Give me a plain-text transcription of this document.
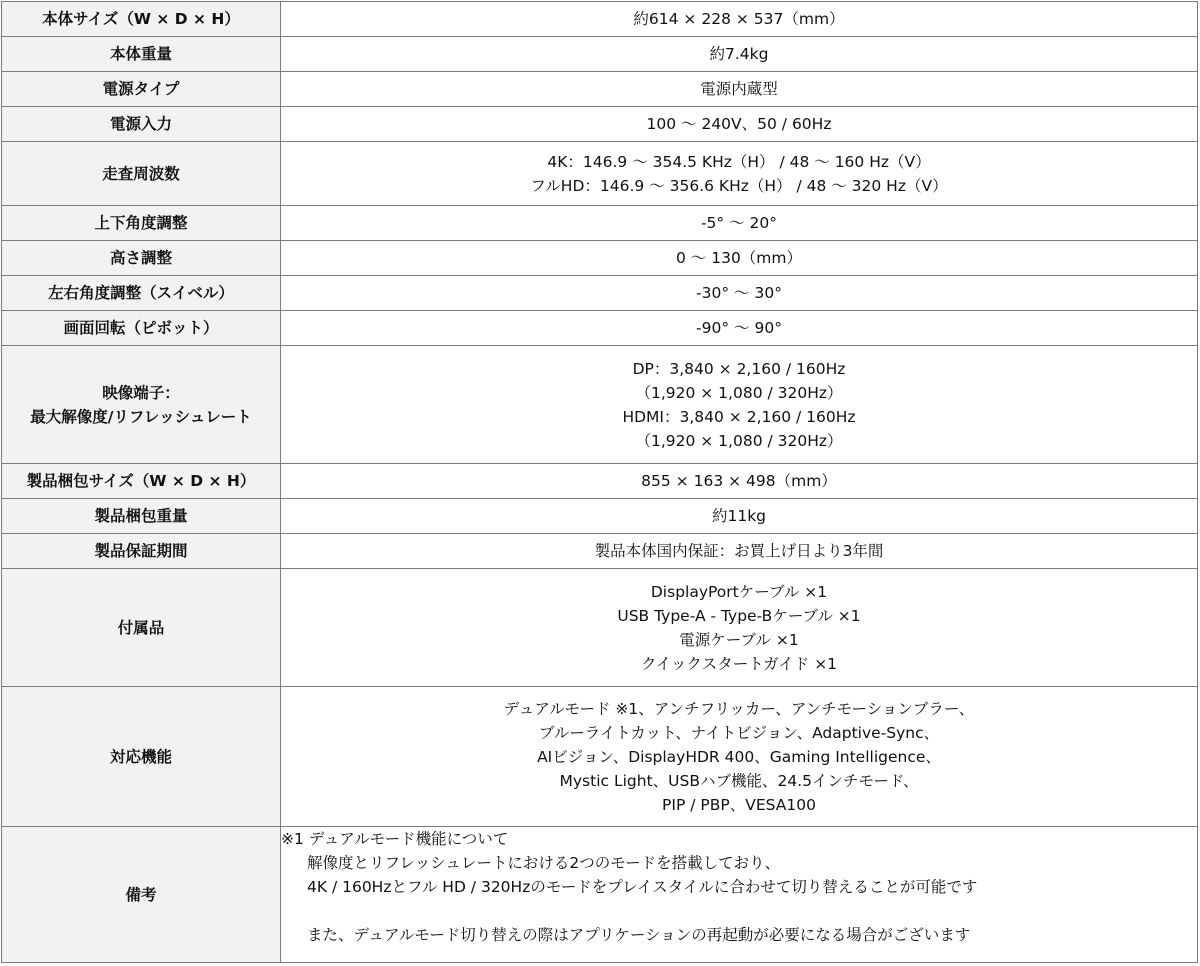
本体サイズ（W × D × H）	約614 × 228 × 537（mm）

本体重量	約7.4kg

電源タイプ	電源内蔵型

電源入力	100 ～ 240V、50 / 60Hz

走査周波数	4K：146.9 ～ 354.5 KHz（H） / 48 ～ 160 Hz（V）
フルHD：146.9 ～ 356.6 KHz（H） / 48 ～ 320 Hz（V）

上下角度調整	-5° ～ 20°

高さ調整	0 ～ 130（mm）

左右角度調整（スイベル）	-30° ～ 30°

画面回転（ピボット）	-90° ～ 90°

映像端子：
最大解像度/リフレッシュレート	DP：3,840 × 2,160 / 160Hz
（1,920 × 1,080 / 320Hz）
HDMI：3,840 × 2,160 / 160Hz
（1,920 × 1,080 / 320Hz）

製品梱包サイズ（W × D × H）	855 × 163 × 498（mm）

製品梱包重量	約11kg

製品保証期間	製品本体国内保証：お買上げ日より3年間

付属品	DisplayPortケーブル ×1
USB Type-A - Type-Bケーブル ×1
電源ケーブル ×1
クイックスタートガイド ×1

対応機能	デュアルモード ※1、アンチフリッカー、アンチモーションブラー、
ブルーライトカット、ナイトビジョン、Adaptive-Sync、
AIビジョン、DisplayHDR 400、Gaming Intelligence、
Mystic Light、USBハブ機能、24.5インチモード、
PIP / PBP、VESA100

備考	※1 デュアルモード機能について
解像度とリフレッシュレートにおける2つのモードを搭載しており、
4K / 160Hzとフル HD / 320Hzのモードをプレイスタイルに合わせて切り替えることが可能です
また、デュアルモード切り替えの際はアプリケーションの再起動が必要になる場合がございます
